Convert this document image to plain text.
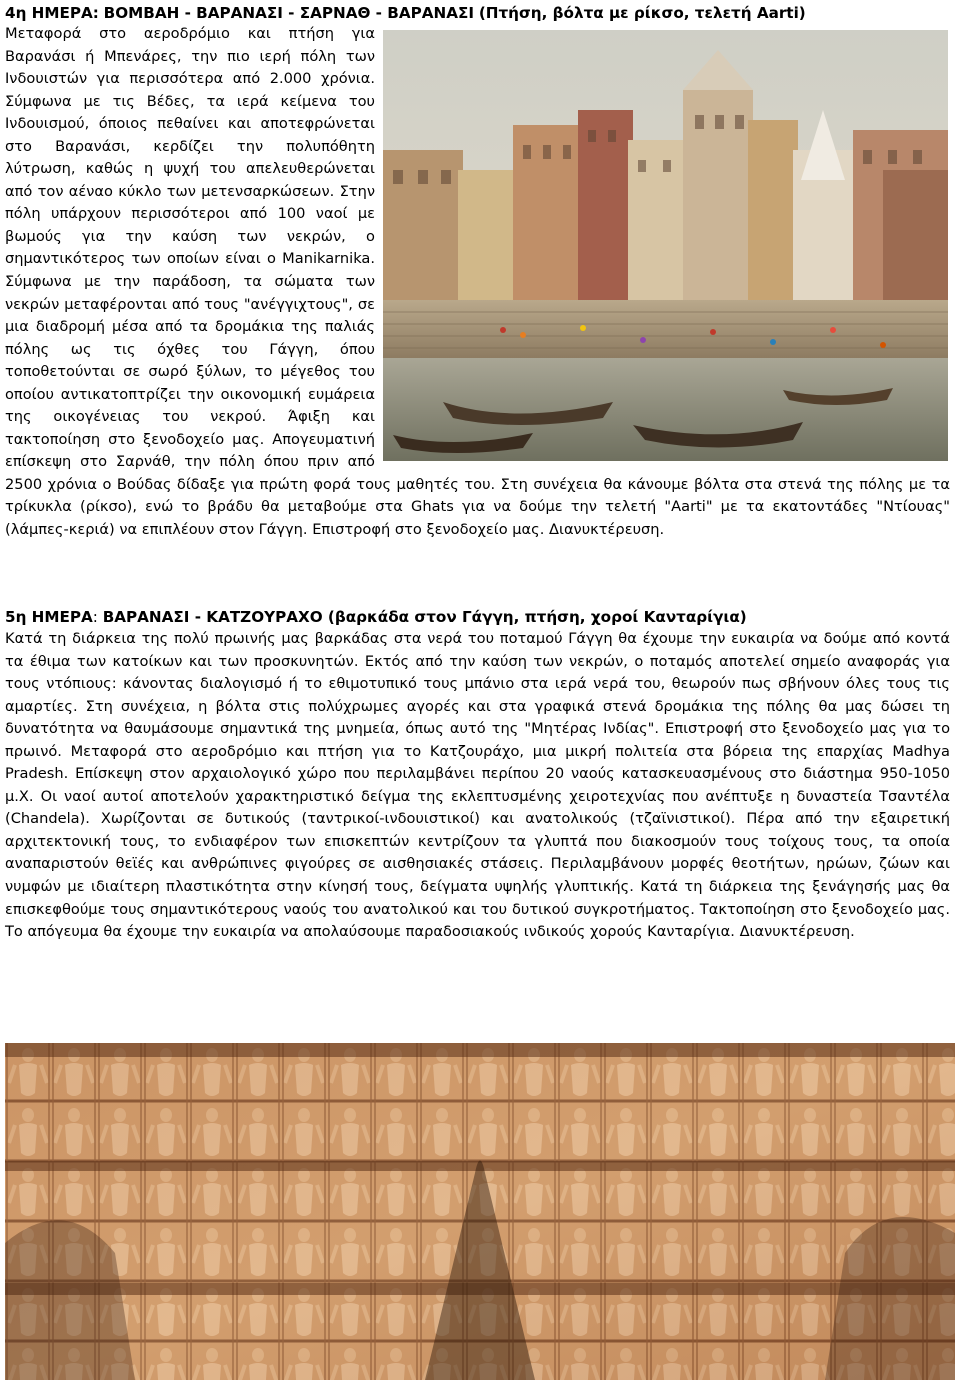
4η ΗΜΕΡΑ: ΒΟΜΒΑΗ - ΒΑΡΑΝΑΣΙ - ΣΑΡΝΑΘ - ΒΑΡΑΝΑΣΙ (Πτήση, βόλτα με ρίκσο, τελετή Aarti)
Μεταφορά στο αεροδρόμιο και πτήση για Βαρανάσι ή Μπενάρες, την πιο ιερή πόλη των Ινδουιστών για περισσότερα από 2.000 χρόνια. Σύμφωνα με τις Βέδες, τα ιερά κείμενα του Ινδουισμού, όποιος πεθαίνει και αποτεφρώνεται στο Βαρανάσι, κερδίζει την πολυπόθητη λύτρωση, καθώς η ψυχή του απελευθερώνεται από τον αέναο κύκλο των μετενσαρκώσεων. Στην πόλη υπάρχουν περισσότεροι από 100 ναοί με βωμούς για την καύση των νεκρών, ο σημαντικότερος των οποίων είναι ο Manikarnika. Σύμφωνα με την παράδοση, τα σώματα των νεκρών μεταφέρονται από τους "ανέγγιχτους", σε μια διαδρομή μέσα από τα δρομάκια της παλιάς πόλης ως τις όχθες του Γάγγη, όπου τοποθετούνται σε σωρό ξύλων, το μέγεθος του οποίου αντικατοπτρίζει την οικονομική ευμάρεια της οικογένειας του νεκρού. Άφιξη και τακτοποίηση στο ξενοδοχείο μας. Απογευματινή επίσκεψη στο Σαρνάθ, την πόλη όπου πριν από 2500 χρόνια ο Βούδας δίδαξε για πρώτη φορά τους μαθητές του. Στη συνέχεια θα κάνουμε βόλτα στα στενά της πόλης με τα τρίκυκλα (ρίκσο), ενώ το βράδυ θα μεταβούμε στα Ghats για να δούμε την τελετή "Aarti" με τα εκατοντάδες "Ντίουας" (λάμπες-κεριά) να επιπλέουν στον Γάγγη. Επιστροφή στο ξενοδοχείο μας. Διανυκτέρευση.
5η ΗΜΕΡΑ: ΒΑΡΑΝΑΣΙ - ΚΑΤΖΟΥΡΑΧΟ (βαρκάδα στον Γάγγη, πτήση, χοροί Κανταρίγια)

Κατά τη διάρκεια της πολύ πρωινής μας βαρκάδας στα νερά του ποταμού Γάγγη θα έχουμε την ευκαιρία να δούμε από κοντά τα έθιμα των κατοίκων και των προσκυνητών. Εκτός από την καύση των νεκρών, ο ποταμός αποτελεί σημείο αναφοράς για τους ντόπιους: κάνοντας διαλογισμό ή το εθιμοτυπικό τους μπάνιο στα ιερά νερά του, θεωρούν πως σβήνουν όλες τους τις αμαρτίες. Στη συνέχεια, η βόλτα στις πολύχρωμες αγορές και στα γραφικά στενά δρομάκια της πόλης θα μας δώσει τη δυνατότητα να θαυμάσουμε σημαντικά της μνημεία, όπως αυτό της "Μητέρας Ινδίας". Επιστροφή στο ξενοδοχείο μας για το πρωινό. Μεταφορά στο αεροδρόμιο και πτήση για το Κατζουράχο, μια μικρή πολιτεία στα βόρεια της επαρχίας Madhya Pradesh. Επίσκεψη στον αρχαιολογικό χώρο που περιλαμβάνει περίπου 20 ναούς κατασκευασμένους στο διάστημα 950-1050 μ.Χ. Οι ναοί αυτοί αποτελούν χαρακτηριστικό δείγμα της εκλεπτυσμένης χειροτεχνίας που ανέπτυξε η δυναστεία Τσαντέλα (Chandela). Χωρίζονται σε δυτικούς (ταντρικοί-ινδουιστικοί) και ανατολικούς (τζαϊνιστικοί). Πέρα από την εξαιρετική αρχιτεκτονική τους, το ενδιαφέρον των επισκεπτών κεντρίζουν τα γλυπτά που διακοσμούν τους τοίχους τους, τα οποία αναπαριστούν θεϊές και ανθρώπινες φιγούρες σε αισθησιακές στάσεις. Περιλαμβάνουν μορφές θεοτήτων, ηρώων, ζώων και νυμφών με ιδιαίτερη πλαστικότητα στην κίνησή τους, δείγματα υψηλής γλυπτικής. Κατά τη διάρκεια της ξενάγησής μας θα επισκεφθούμε τους σημαντικότερους ναούς του ανατολικού και του δυτικού συγκροτήματος. Τακτοποίηση στο ξενοδοχείο μας. Το απόγευμα θα έχουμε την ευκαιρία να απολαύσουμε παραδοσιακούς ινδικούς χορούς Κανταρίγια. Διανυκτέρευση.
